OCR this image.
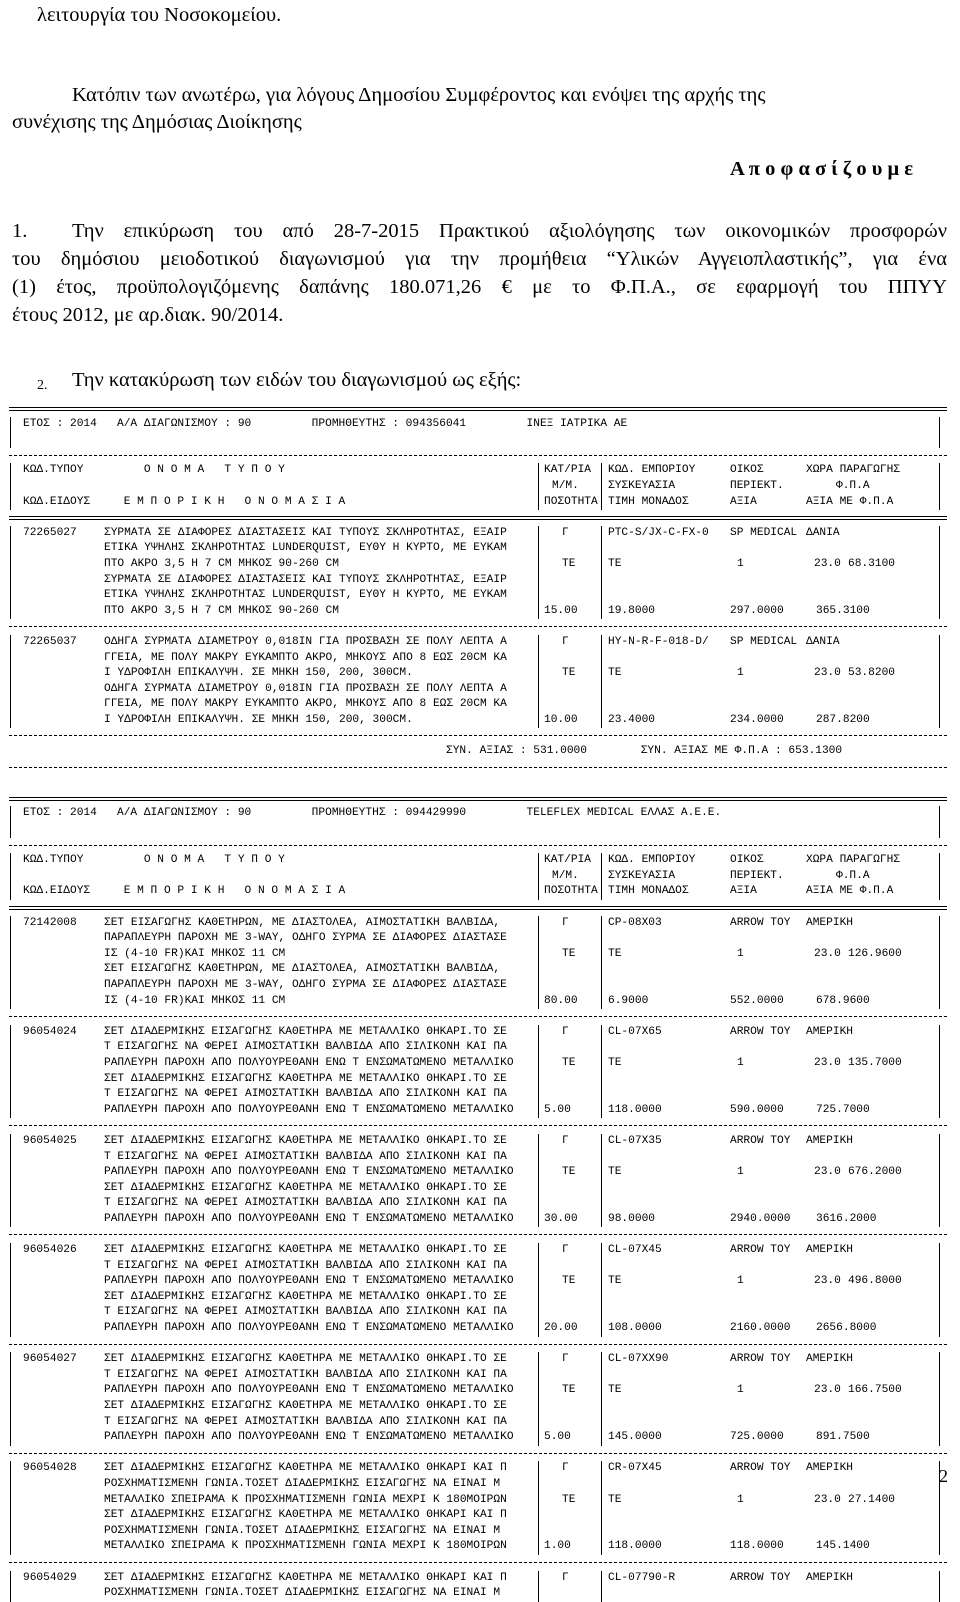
λειτουργία του Νοσοκομείου.
Κατόπιν των ανωτέρω, για λόγους Δημοσίου Συμφέροντος και ενόψει της αρχής της
συνέχισης της Δημόσιας Διοίκησης
Α π ο φ α σ ί ζ ο υ μ ε
1. Την επικύρωση του από 28-7-2015 Πρακτικού αξιολόγησης των οικονομικών προσφορών
του δημόσιου μειοδοτικού διαγωνισμού για την προμήθεια “Υλικών Αγγειοπλαστικής”, για ένα
(1) έτος, προϋπολογιζόμενης δαπάνης 180.071,26 € με το Φ.Π.Α., σε εφαρμογή του ΠΠΥΥ
έτους 2012, με αρ.διακ. 90/2014.
2. Την κατακύρωση των ειδών του διαγωνισμού ως εξής:
ΕΤΟΣ : 2014   Α/Α ΔΙΑΓΩΝΙΣΜΟΥ : 90         ΠΡΟΜΗΘΕΥΤΗΣ : 094356041         ΙΝΕΞ ΙΑΤΡΙΚΑ ΑΕ
ΚΩΔ.ΤΥΠΟΥ         Ο Ν Ο Μ Α   Τ Υ Π Ο Υ	ΚΑΤ/ΡΙΑ ΚΩΔ. ΕΜΠΟΡΙΟΥ	ΟΙΚΟΣ	ΧΩΡΑ ΠΑΡΑΓΩΓΗΣ
Μ/Μ.	ΣΥΣΚΕΥΑΣΙΑ	ΠΕΡΙΕΚΤ.	Φ.Π.Α
ΚΩΔ.ΕΙΔΟΥΣ     Ε Μ Π Ο Ρ Ι Κ Η   Ο Ν Ο Μ Α Σ Ι Α	ΠΟΣΟΤΗΤΑ ΤΙΜΗ ΜΟΝΑΔΟΣ	ΑΞΙΑ	ΑΞΙΑ ΜΕ Φ.Π.Α
72265027 ΣΥΡΜΑΤΑ ΣΕ ΔΙΑΦΟΡΕΣ ΔΙΑΣΤΑΣΕΙΣ ΚΑΙ ΤΥΠΟΥΣ ΣΚΛΗΡΟΤΗΤΑΣ, ΕΞΑΙΡ	Γ	PTC-S/JX-C-FX-0 SP MEDICAL ΔΑΝΙΑ
ΕΤΙΚΑ ΥΨΗΛΗΣ ΣΚΛΗΡΟΤΗΤΑΣ LUNDERQUIST, ΕΥΘΥ Η ΚΥΡΤΟ, ΜΕ ΕΥΚΑΜ
ΠΤΟ ΑΚΡΟ 3,5 Η 7 CM ΜΗΚΟΣ 90-260 CM	ΤΕ	ΤΕ	1	23.0 68.3100
ΣΥΡΜΑΤΑ ΣΕ ΔΙΑΦΟΡΕΣ ΔΙΑΣΤΑΣΕΙΣ ΚΑΙ ΤΥΠΟΥΣ ΣΚΛΗΡΟΤΗΤΑΣ, ΕΞΑΙΡ
ΕΤΙΚΑ ΥΨΗΛΗΣ ΣΚΛΗΡΟΤΗΤΑΣ LUNDERQUIST, ΕΥΘΥ Η ΚΥΡΤΟ, ΜΕ ΕΥΚΑΜ
ΠΤΟ ΑΚΡΟ 3,5 Η 7 CM ΜΗΚΟΣ 90-260 CM	15.00	19.8000	297.0000	365.3100
72265037 ΟΔΗΓΑ ΣΥΡΜΑΤΑ ΔΙΑΜΕΤΡΟΥ 0,018ΙΝ ΓΙΑ ΠΡΟΣΒΑΣΗ ΣΕ ΠΟΛΥ ΛΕΠΤΑ Α	Γ	HY-N-R-F-018-D/ SP MEDICAL ΔΑΝΙΑ
ΓΓΕΙΑ, ΜΕ ΠΟΛΥ ΜΑΚΡΥ ΕΥΚΑΜΠΤΟ ΑΚΡΟ, ΜΗΚΟΥΣ ΑΠΟ 8 ΕΩΣ 20CM ΚΑ
Ι ΥΔΡΟΦΙΛΗ ΕΠΙΚΑΛΥΨΗ. ΣΕ ΜΗΚΗ 150, 200, 300CM.	ΤΕ	ΤΕ	1	23.0 53.8200
ΟΔΗΓΑ ΣΥΡΜΑΤΑ ΔΙΑΜΕΤΡΟΥ 0,018ΙΝ ΓΙΑ ΠΡΟΣΒΑΣΗ ΣΕ ΠΟΛΥ ΛΕΠΤΑ Α
ΓΓΕΙΑ, ΜΕ ΠΟΛΥ ΜΑΚΡΥ ΕΥΚΑΜΠΤΟ ΑΚΡΟ, ΜΗΚΟΥΣ ΑΠΟ 8 ΕΩΣ 20CM ΚΑ
Ι ΥΔΡΟΦΙΛΗ ΕΠΙΚΑΛΥΨΗ. ΣΕ ΜΗΚΗ 150, 200, 300CM.	10.00	23.4000	234.0000	287.8200
ΣΥΝ. ΑΞΙΑΣ : 531.0000        ΣΥΝ. ΑΞΙΑΣ ΜΕ Φ.Π.Α : 653.1300
ΕΤΟΣ : 2014   Α/Α ΔΙΑΓΩΝΙΣΜΟΥ : 90         ΠΡΟΜΗΘΕΥΤΗΣ : 094429990         TELEFLEX MEDICAL ΕΛΛΑΣ Α.Ε.Ε.
ΚΩΔ.ΤΥΠΟΥ         Ο Ν Ο Μ Α   Τ Υ Π Ο Υ	ΚΑΤ/ΡΙΑ ΚΩΔ. ΕΜΠΟΡΙΟΥ	ΟΙΚΟΣ	ΧΩΡΑ ΠΑΡΑΓΩΓΗΣ
Μ/Μ.	ΣΥΣΚΕΥΑΣΙΑ	ΠΕΡΙΕΚΤ.	Φ.Π.Α
ΚΩΔ.ΕΙΔΟΥΣ     Ε Μ Π Ο Ρ Ι Κ Η   Ο Ν Ο Μ Α Σ Ι Α	ΠΟΣΟΤΗΤΑ ΤΙΜΗ ΜΟΝΑΔΟΣ	ΑΞΙΑ	ΑΞΙΑ ΜΕ Φ.Π.Α
72142008 ΣΕΤ ΕΙΣΑΓΩΓΗΣ ΚΑΘΕΤΗΡΩΝ, ΜΕ ΔΙΑΣΤΟΛΕΑ, ΑΙΜΟΣΤΑΤΙΚΗ ΒΑΛΒΙΔΑ,	Γ	CP-08X03	ARROW ΤΟΥ ΑΜΕΡΙΚΗ
ΠΑΡΑΠΛΕΥΡΗ ΠΑΡΟΧΗ ΜΕ 3-WAY, ΟΔΗΓΟ ΣΥΡΜΑ ΣΕ ΔΙΑΦΟΡΕΣ ΔΙΑΣΤΑΣΕ
ΙΣ (4-10 FR)ΚΑΙ ΜΗΚΟΣ 11 CM	ΤΕ	ΤΕ	1	23.0 126.9600
ΣΕΤ ΕΙΣΑΓΩΓΗΣ ΚΑΘΕΤΗΡΩΝ, ΜΕ ΔΙΑΣΤΟΛΕΑ, ΑΙΜΟΣΤΑΤΙΚΗ ΒΑΛΒΙΔΑ,
ΠΑΡΑΠΛΕΥΡΗ ΠΑΡΟΧΗ ΜΕ 3-WAY, ΟΔΗΓΟ ΣΥΡΜΑ ΣΕ ΔΙΑΦΟΡΕΣ ΔΙΑΣΤΑΣΕ
ΙΣ (4-10 FR)ΚΑΙ ΜΗΚΟΣ 11 CM	80.00	6.9000	552.0000	678.9600
96054024 ΣΕΤ ΔΙΑΔΕΡΜΙΚΗΣ ΕΙΣΑΓΩΓΗΣ ΚΑΘΕΤΗΡΑ ΜΕ ΜΕΤΑΛΛΙΚΟ ΘΗΚΑΡΙ.ΤΟ ΣΕ	Γ	CL-07X65	ARROW ΤΟΥ ΑΜΕΡΙΚΗ
Τ ΕΙΣΑΓΩΓΗΣ ΝΑ ΦΕΡΕΙ ΑΙΜΟΣΤΑΤΙΚΗ ΒΑΛΒΙΔΑ ΑΠΟ ΣΙΛΙΚΟΝΗ ΚΑΙ ΠΑ
ΡΑΠΛΕΥΡΗ ΠΑΡΟΧΗ ΑΠΟ ΠΟΛΥΟΥΡΕΘΑΝΗ ΕΝΩ Τ ΕΝΣΩΜΑΤΩΜΕΝΟ ΜΕΤΑΛΛΙΚΟ	ΤΕ	ΤΕ	1	23.0 135.7000
ΣΕΤ ΔΙΑΔΕΡΜΙΚΗΣ ΕΙΣΑΓΩΓΗΣ ΚΑΘΕΤΗΡΑ ΜΕ ΜΕΤΑΛΛΙΚΟ ΘΗΚΑΡΙ.ΤΟ ΣΕ
Τ ΕΙΣΑΓΩΓΗΣ ΝΑ ΦΕΡΕΙ ΑΙΜΟΣΤΑΤΙΚΗ ΒΑΛΒΙΔΑ ΑΠΟ ΣΙΛΙΚΟΝΗ ΚΑΙ ΠΑ
ΡΑΠΛΕΥΡΗ ΠΑΡΟΧΗ ΑΠΟ ΠΟΛΥΟΥΡΕΘΑΝΗ ΕΝΩ Τ ΕΝΣΩΜΑΤΩΜΕΝΟ ΜΕΤΑΛΛΙΚΟ	5.00	118.0000	590.0000	725.7000
96054025 ΣΕΤ ΔΙΑΔΕΡΜΙΚΗΣ ΕΙΣΑΓΩΓΗΣ ΚΑΘΕΤΗΡΑ ΜΕ ΜΕΤΑΛΛΙΚΟ ΘΗΚΑΡΙ.ΤΟ ΣΕ	Γ	CL-07X35	ARROW ΤΟΥ ΑΜΕΡΙΚΗ
Τ ΕΙΣΑΓΩΓΗΣ ΝΑ ΦΕΡΕΙ ΑΙΜΟΣΤΑΤΙΚΗ ΒΑΛΒΙΔΑ ΑΠΟ ΣΙΛΙΚΟΝΗ ΚΑΙ ΠΑ
ΡΑΠΛΕΥΡΗ ΠΑΡΟΧΗ ΑΠΟ ΠΟΛΥΟΥΡΕΘΑΝΗ ΕΝΩ Τ ΕΝΣΩΜΑΤΩΜΕΝΟ ΜΕΤΑΛΛΙΚΟ	ΤΕ	ΤΕ	1	23.0 676.2000
ΣΕΤ ΔΙΑΔΕΡΜΙΚΗΣ ΕΙΣΑΓΩΓΗΣ ΚΑΘΕΤΗΡΑ ΜΕ ΜΕΤΑΛΛΙΚΟ ΘΗΚΑΡΙ.ΤΟ ΣΕ
Τ ΕΙΣΑΓΩΓΗΣ ΝΑ ΦΕΡΕΙ ΑΙΜΟΣΤΑΤΙΚΗ ΒΑΛΒΙΔΑ ΑΠΟ ΣΙΛΙΚΟΝΗ ΚΑΙ ΠΑ
ΡΑΠΛΕΥΡΗ ΠΑΡΟΧΗ ΑΠΟ ΠΟΛΥΟΥΡΕΘΑΝΗ ΕΝΩ Τ ΕΝΣΩΜΑΤΩΜΕΝΟ ΜΕΤΑΛΛΙΚΟ	30.00	98.0000	2940.0000 3616.2000
96054026 ΣΕΤ ΔΙΑΔΕΡΜΙΚΗΣ ΕΙΣΑΓΩΓΗΣ ΚΑΘΕΤΗΡΑ ΜΕ ΜΕΤΑΛΛΙΚΟ ΘΗΚΑΡΙ.ΤΟ ΣΕ	Γ	CL-07X45	ARROW ΤΟΥ ΑΜΕΡΙΚΗ
Τ ΕΙΣΑΓΩΓΗΣ ΝΑ ΦΕΡΕΙ ΑΙΜΟΣΤΑΤΙΚΗ ΒΑΛΒΙΔΑ ΑΠΟ ΣΙΛΙΚΟΝΗ ΚΑΙ ΠΑ
ΡΑΠΛΕΥΡΗ ΠΑΡΟΧΗ ΑΠΟ ΠΟΛΥΟΥΡΕΘΑΝΗ ΕΝΩ Τ ΕΝΣΩΜΑΤΩΜΕΝΟ ΜΕΤΑΛΛΙΚΟ	ΤΕ	ΤΕ	1	23.0 496.8000
ΣΕΤ ΔΙΑΔΕΡΜΙΚΗΣ ΕΙΣΑΓΩΓΗΣ ΚΑΘΕΤΗΡΑ ΜΕ ΜΕΤΑΛΛΙΚΟ ΘΗΚΑΡΙ.ΤΟ ΣΕ
Τ ΕΙΣΑΓΩΓΗΣ ΝΑ ΦΕΡΕΙ ΑΙΜΟΣΤΑΤΙΚΗ ΒΑΛΒΙΔΑ ΑΠΟ ΣΙΛΙΚΟΝΗ ΚΑΙ ΠΑ
ΡΑΠΛΕΥΡΗ ΠΑΡΟΧΗ ΑΠΟ ΠΟΛΥΟΥΡΕΘΑΝΗ ΕΝΩ Τ ΕΝΣΩΜΑΤΩΜΕΝΟ ΜΕΤΑΛΛΙΚΟ	20.00	108.0000	2160.0000 2656.8000
96054027 ΣΕΤ ΔΙΑΔΕΡΜΙΚΗΣ ΕΙΣΑΓΩΓΗΣ ΚΑΘΕΤΗΡΑ ΜΕ ΜΕΤΑΛΛΙΚΟ ΘΗΚΑΡΙ.ΤΟ ΣΕ	Γ	CL-07XX90	ARROW ΤΟΥ ΑΜΕΡΙΚΗ
Τ ΕΙΣΑΓΩΓΗΣ ΝΑ ΦΕΡΕΙ ΑΙΜΟΣΤΑΤΙΚΗ ΒΑΛΒΙΔΑ ΑΠΟ ΣΙΛΙΚΟΝΗ ΚΑΙ ΠΑ
ΡΑΠΛΕΥΡΗ ΠΑΡΟΧΗ ΑΠΟ ΠΟΛΥΟΥΡΕΘΑΝΗ ΕΝΩ Τ ΕΝΣΩΜΑΤΩΜΕΝΟ ΜΕΤΑΛΛΙΚΟ	ΤΕ	ΤΕ	1	23.0 166.7500
ΣΕΤ ΔΙΑΔΕΡΜΙΚΗΣ ΕΙΣΑΓΩΓΗΣ ΚΑΘΕΤΗΡΑ ΜΕ ΜΕΤΑΛΛΙΚΟ ΘΗΚΑΡΙ.ΤΟ ΣΕ
Τ ΕΙΣΑΓΩΓΗΣ ΝΑ ΦΕΡΕΙ ΑΙΜΟΣΤΑΤΙΚΗ ΒΑΛΒΙΔΑ ΑΠΟ ΣΙΛΙΚΟΝΗ ΚΑΙ ΠΑ
ΡΑΠΛΕΥΡΗ ΠΑΡΟΧΗ ΑΠΟ ΠΟΛΥΟΥΡΕΘΑΝΗ ΕΝΩ Τ ΕΝΣΩΜΑΤΩΜΕΝΟ ΜΕΤΑΛΛΙΚΟ	5.00	145.0000	725.0000	891.7500
96054028 ΣΕΤ ΔΙΑΔΕΡΜΙΚΗΣ ΕΙΣΑΓΩΓΗΣ ΚΑΘΕΤΗΡΑ ΜΕ ΜΕΤΑΛΛΙΚΟ ΘΗΚΑΡΙ ΚΑΙ Π	Γ	CR-07X45	ARROW ΤΟΥ ΑΜΕΡΙΚΗ
ΡΟΣΧΗΜΑΤΙΣΜΕΝΗ ΓΩΝΙΑ.ΤΟΣΕΤ ΔΙΑΔΕΡΜΙΚΗΣ ΕΙΣΑΓΩΓΗΣ ΝΑ ΕΙΝΑΙ Μ
ΜΕΤΑΛΛΙΚΟ ΣΠΕΙΡΑΜΑ Κ ΠΡΟΣΧΗΜΑΤΙΣΜΕΝΗ ΓΩΝΙΑ ΜΕΧΡΙ Κ 180ΜΟΙΡΩΝ	ΤΕ	ΤΕ	1	23.0 27.1400
ΣΕΤ ΔΙΑΔΕΡΜΙΚΗΣ ΕΙΣΑΓΩΓΗΣ ΚΑΘΕΤΗΡΑ ΜΕ ΜΕΤΑΛΛΙΚΟ ΘΗΚΑΡΙ ΚΑΙ Π
ΡΟΣΧΗΜΑΤΙΣΜΕΝΗ ΓΩΝΙΑ.ΤΟΣΕΤ ΔΙΑΔΕΡΜΙΚΗΣ ΕΙΣΑΓΩΓΗΣ ΝΑ ΕΙΝΑΙ Μ
ΜΕΤΑΛΛΙΚΟ ΣΠΕΙΡΑΜΑ Κ ΠΡΟΣΧΗΜΑΤΙΣΜΕΝΗ ΓΩΝΙΑ ΜΕΧΡΙ Κ 180ΜΟΙΡΩΝ	1.00	118.0000	118.0000	145.1400
96054029 ΣΕΤ ΔΙΑΔΕΡΜΙΚΗΣ ΕΙΣΑΓΩΓΗΣ ΚΑΘΕΤΗΡΑ ΜΕ ΜΕΤΑΛΛΙΚΟ ΘΗΚΑΡΙ ΚΑΙ Π	Γ	CL-07790-R	ARROW ΤΟΥ ΑΜΕΡΙΚΗ
ΡΟΣΧΗΜΑΤΙΣΜΕΝΗ ΓΩΝΙΑ.ΤΟΣΕΤ ΔΙΑΔΕΡΜΙΚΗΣ ΕΙΣΑΓΩΓΗΣ ΝΑ ΕΙΝΑΙ Μ
2
